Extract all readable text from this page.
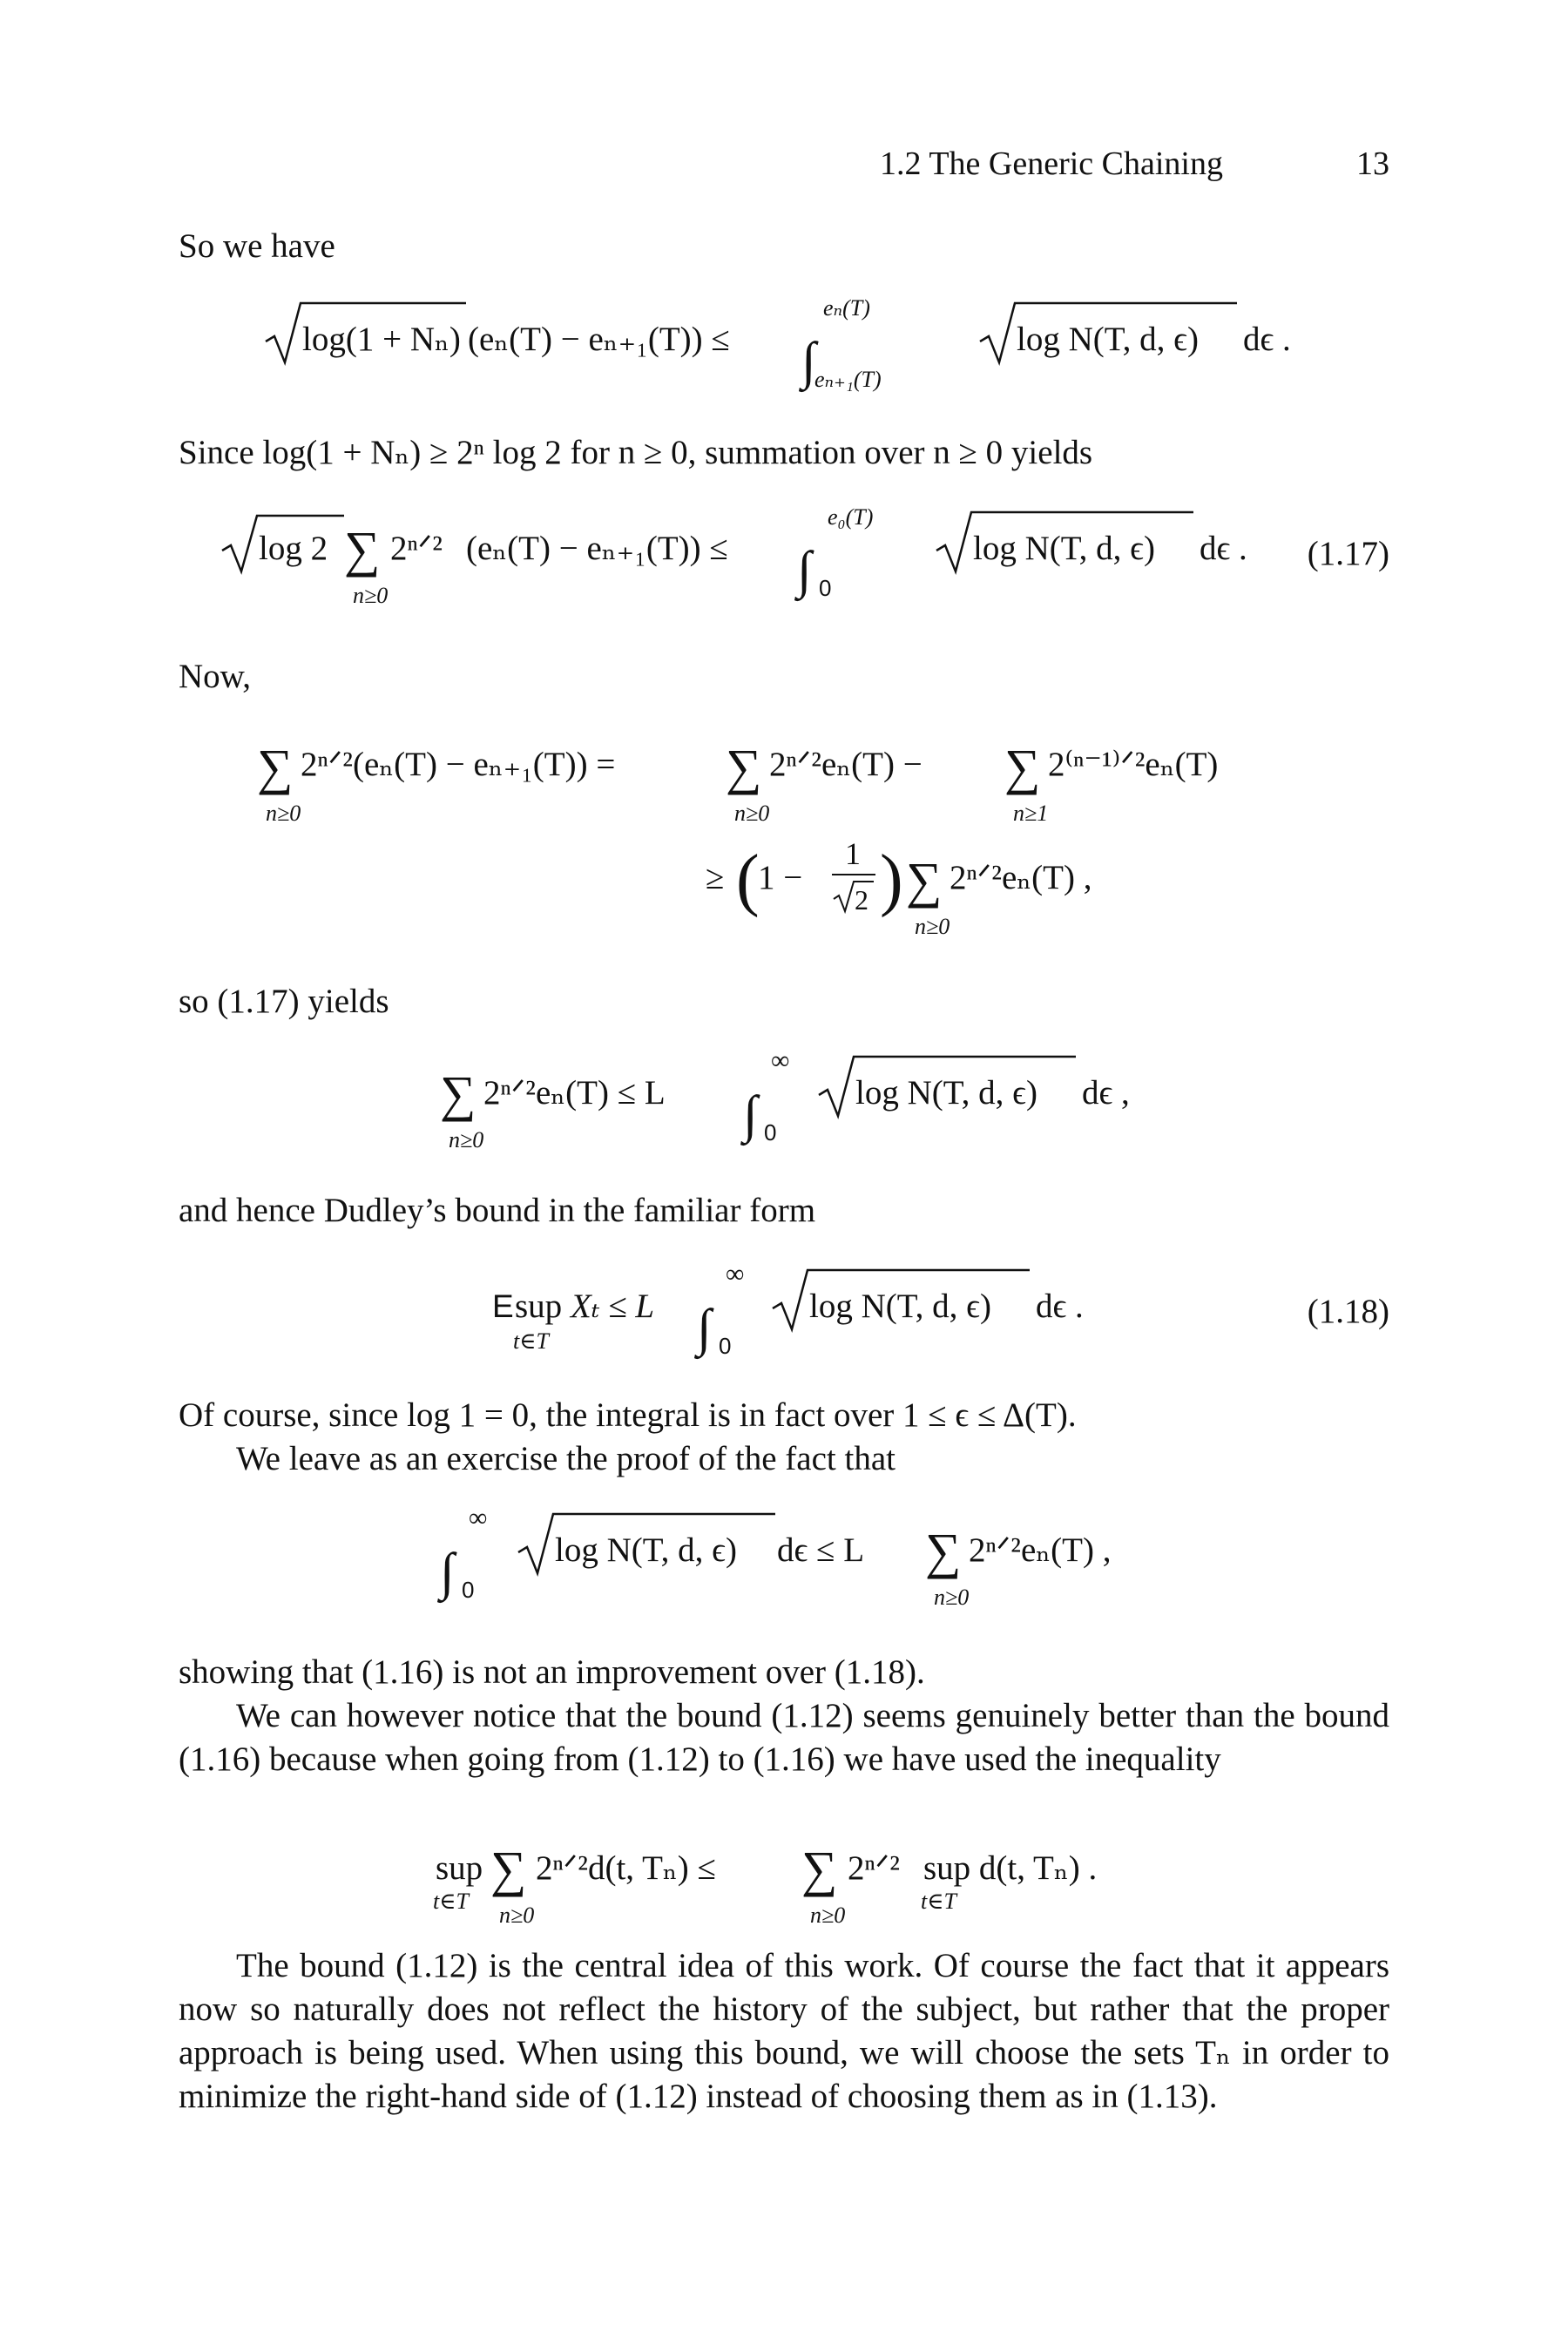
1.2 The Generic Chaining	13
So we have
log(1 + Nₙ) (eₙ(T) − eₙ₊₁(T)) ≤ ∫
eₙ(T)
eₙ₊₁(T)
log N(T, d, ϵ) dϵ .
Since log(1 + Nₙ) ≥ 2ⁿ log 2 for n ≥ 0, summation over n ≥ 0 yields
log 2 ∑
n≥0
2ⁿᐟ² (eₙ(T) − eₙ₊₁(T)) ≤ ∫
e₀(T)
0
log N(T, d, ϵ) dϵ . (1.17)
Now,
∑
n≥0
2ⁿᐟ²(eₙ(T) − eₙ₊₁(T)) = ∑
n≥0
2ⁿᐟ²eₙ(T) − ∑
n≥1
2⁽ⁿ⁻¹⁾ᐟ²eₙ(T)
≥ (
1 −
1
2 ) ∑
n≥0
2ⁿᐟ²eₙ(T) ,
so (1.17) yields
∑
n≥0
2ⁿᐟ²eₙ(T) ≤ L ∫
∞
0
log N(T, d, ϵ) dϵ ,
and hence Dudley’s bound in the familiar form
E sup
t∈T
Xₜ ≤ L ∫
∞
0
log N(T, d, ϵ) dϵ .	(1.18)
Of course, since log 1 = 0, the integral is in fact over 1 ≤ ϵ ≤ Δ(T).
We leave as an exercise the proof of the fact that
∫
∞
0
log N(T, d, ϵ) dϵ ≤ L ∑
n≥0
2ⁿᐟ²eₙ(T) ,
showing that (1.16) is not an improvement over (1.18).
We can however notice that the bound (1.12) seems genuinely better than the bound (1.16) because when going from (1.12) to (1.16) we have used the inequality
sup
t∈T
∑
n≥0
2ⁿᐟ²d(t, Tₙ) ≤ ∑
n≥0
2ⁿᐟ² sup d(t, Tₙ) .
t∈T
The bound (1.12) is the central idea of this work. Of course the fact that it appears now so naturally does not reflect the history of the subject, but rather that the proper approach is being used. When using this bound, we will choose the sets Tₙ in order to minimize the right-hand side of (1.12) instead of choosing them as in (1.13).
